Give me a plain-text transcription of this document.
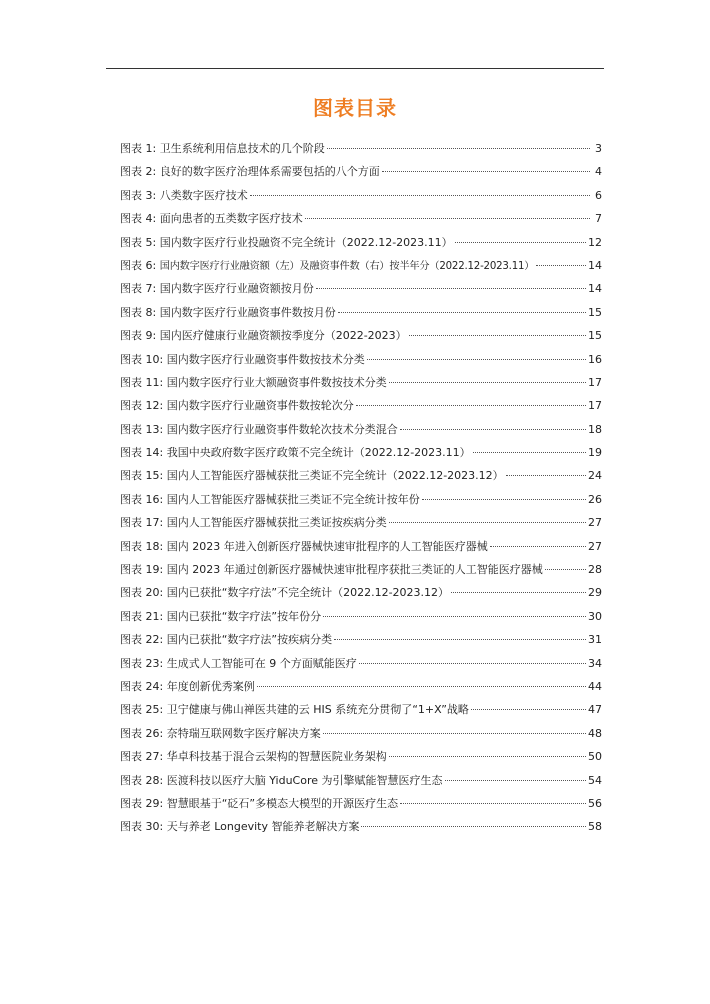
图表目录
图表 1:
卫生系统利用信息技术的几个阶段	3
图表 2:
良好的数字医疗治理体系需要包括的八个方面	4
图表 3:
八类数字医疗技术	6
图表 4:
面向患者的五类数字医疗技术	7
图表 5:
国内数字医疗行业投融资不完全统计（2022.12-2023.11）	12
图表 6:
国内数字医疗行业融资额（左）及融资事件数（右）按半年分（2022.12-2023.11）	14
图表 7:
国内数字医疗行业融资额按月份	14
图表 8:
国内数字医疗行业融资事件数按月份	15
图表 9:
国内医疗健康行业融资额按季度分（2022-2023）	15
图表 10:
国内数字医疗行业融资事件数按技术分类	16
图表 11:
国内数字医疗行业大额融资事件数按技术分类	17
图表 12:
国内数字医疗行业融资事件数按轮次分	17
图表 13:
国内数字医疗行业融资事件数轮次技术分类混合	18
图表 14:
我国中央政府数字医疗政策不完全统计（2022.12-2023.11）	19
图表 15:
国内人工智能医疗器械获批三类证不完全统计（2022.12-2023.12）	24
图表 16:
国内人工智能医疗器械获批三类证不完全统计按年份	26
图表 17:
国内人工智能医疗器械获批三类证按疾病分类	27
图表 18:
国内 2023 年进入创新医疗器械快速审批程序的人工智能医疗器械	27
图表 19:
国内 2023 年通过创新医疗器械快速审批程序获批三类证的人工智能医疗器械	28
图表 20:
国内已获批“数字疗法”不完全统计（2022.12-2023.12）	29
图表 21:
国内已获批“数字疗法”按年份分	30
图表 22:
国内已获批“数字疗法”按疾病分类	31
图表 23:
生成式人工智能可在 9 个方面赋能医疗	34
图表 24:
年度创新优秀案例	44
图表 25:
卫宁健康与佛山禅医共建的云 HIS 系统充分贯彻了“1+X”战略	47
图表 26:
奈特瑞互联网数字医疗解决方案	48
图表 27:
华卓科技基于混合云架构的智慧医院业务架构	50
图表 28:
医渡科技以医疗大脑 YiduCore 为引擎赋能智慧医疗生态	54
图表 29:
智慧眼基于“砭石”多模态大模型的开源医疗生态	56
图表 30:
天与养老 Longevity 智能养老解决方案	58
